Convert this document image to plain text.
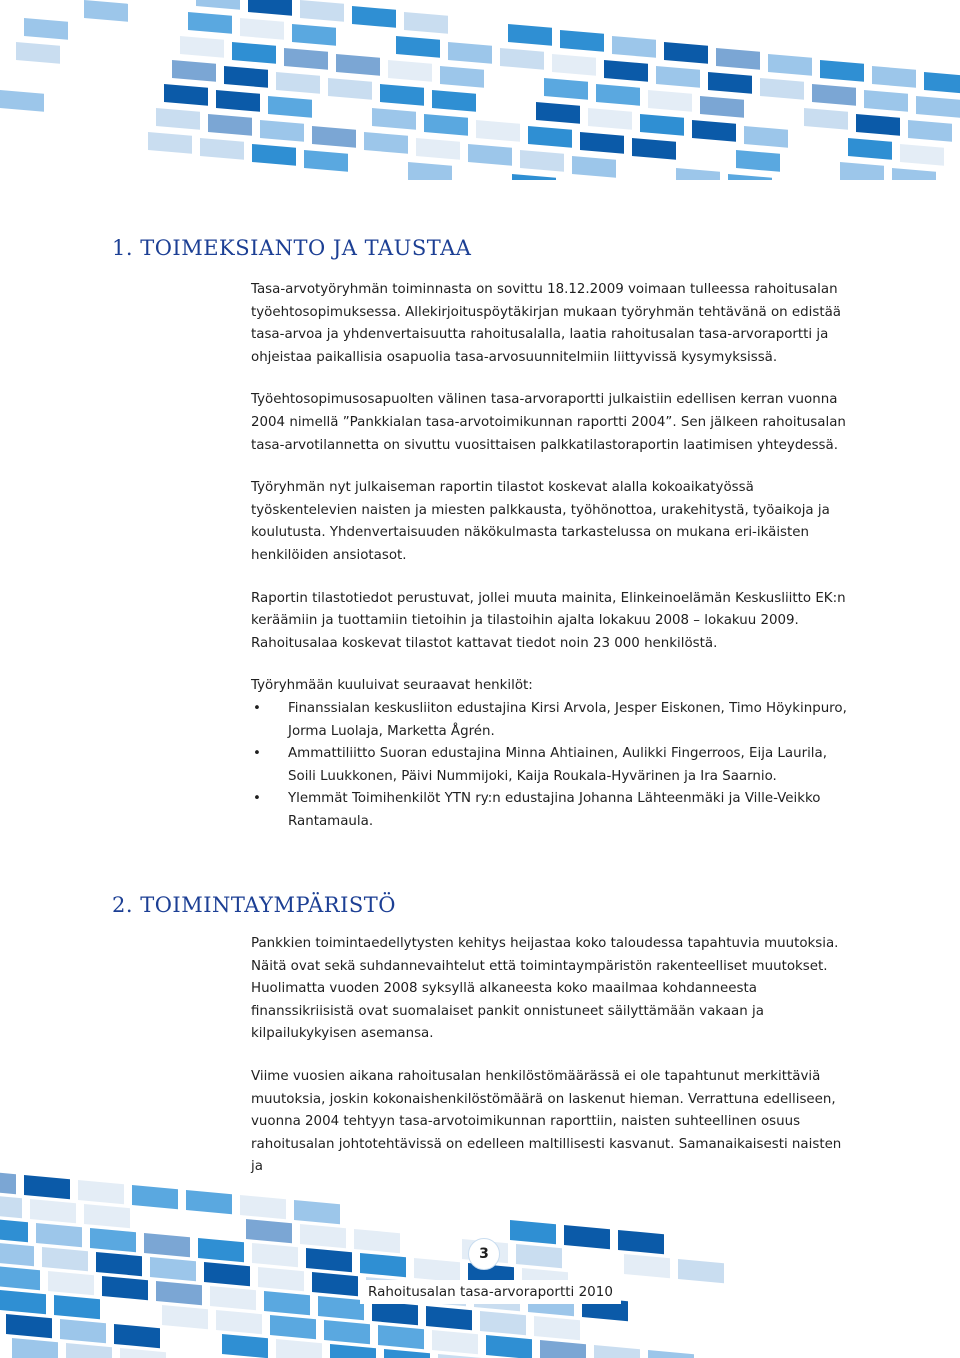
1. TOIMEKSIANTO JA TAUSTAA

Tasa-arvotyöryhmän toiminnasta on sovittu 18.12.2009 voimaan tulleessa rahoitusalan työehtosopimuksessa. Allekirjoituspöytäkirjan mukaan työryhmän tehtävänä on edistää tasa-arvoa ja yhdenvertaisuutta rahoitusalalla, laatia rahoitusalan tasa-arvoraportti ja ohjeistaa paikallisia osapuolia tasa-arvosuunnitelmiin liittyvissä kysymyksissä.

Työehtosopimusosapuolten välinen tasa-arvoraportti julkaistiin edellisen kerran vuonna 2004 nimellä ”Pankkialan tasa-arvotoimikunnan raportti 2004”. Sen jälkeen rahoitusalan tasa-arvotilannetta on sivuttu vuosittaisen palkkatilastoraportin laatimisen yhteydessä.

Työryhmän nyt julkaiseman raportin tilastot koskevat alalla kokoaikatyössä työskentelevien naisten ja miesten palkkausta, työhönottoa, urakehitystä, työaikoja ja koulutusta. Yhdenvertaisuuden näkökulmasta tarkastelussa on mukana eri-ikäisten henkilöiden ansiotasot.

Raportin tilastotiedot perustuvat, jollei muuta mainita, Elinkeinoelämän Keskusliitto EK:n keräämiin ja tuottamiin tietoihin ja tilastoihin ajalta lokakuu 2008 – lokakuu 2009. Rahoitusalaa koskevat tilastot kattavat tiedot noin 23 000 henkilöstä.

Työryhmään kuuluivat seuraavat henkilöt:

• Finanssialan keskusliiton edustajina Kirsi Arvola, Jesper Eiskonen, Timo Höykinpuro, Jorma Luolaja, Marketta Ågrén.
• Ammattiliitto Suoran edustajina Minna Ahtiainen, Aulikki Fingerroos, Eija Laurila, Soili Luukkonen, Päivi Nummijoki, Kaija Roukala-Hyvärinen ja Ira Saarnio.
• Ylemmät Toimihenkilöt YTN ry:n edustajina Johanna Lähteenmäki ja Ville-Veikko Rantamaula.
2. TOIMINTAYMPÄRISTÖ

Pankkien toimintaedellytysten kehitys heijastaa koko taloudessa tapahtuvia muutoksia. Näitä ovat sekä suhdannevaihtelut että toimintaympäristön rakenteelliset muutokset. Huolimatta vuoden 2008 syksyllä alkaneesta koko maailmaa kohdanneesta finanssikriisistä ovat suomalaiset pankit onnistuneet säilyttämään vakaan ja kilpailukykyisen asemansa.

Viime vuosien aikana rahoitusalan henkilöstömäärässä ei ole tapahtunut merkittäviä muutoksia, joskin kokonaishenkilöstömäärä on laskenut hieman. Verrattuna edelliseen, vuonna 2004 tehtyyn tasa-arvotoimikunnan raporttiin, naisten suhteellinen osuus rahoitusalan johtotehtävissä on edelleen maltillisesti kasvanut. Samanaikaisesti naisten ja

3
Rahoitusalan tasa-arvoraportti 2010
